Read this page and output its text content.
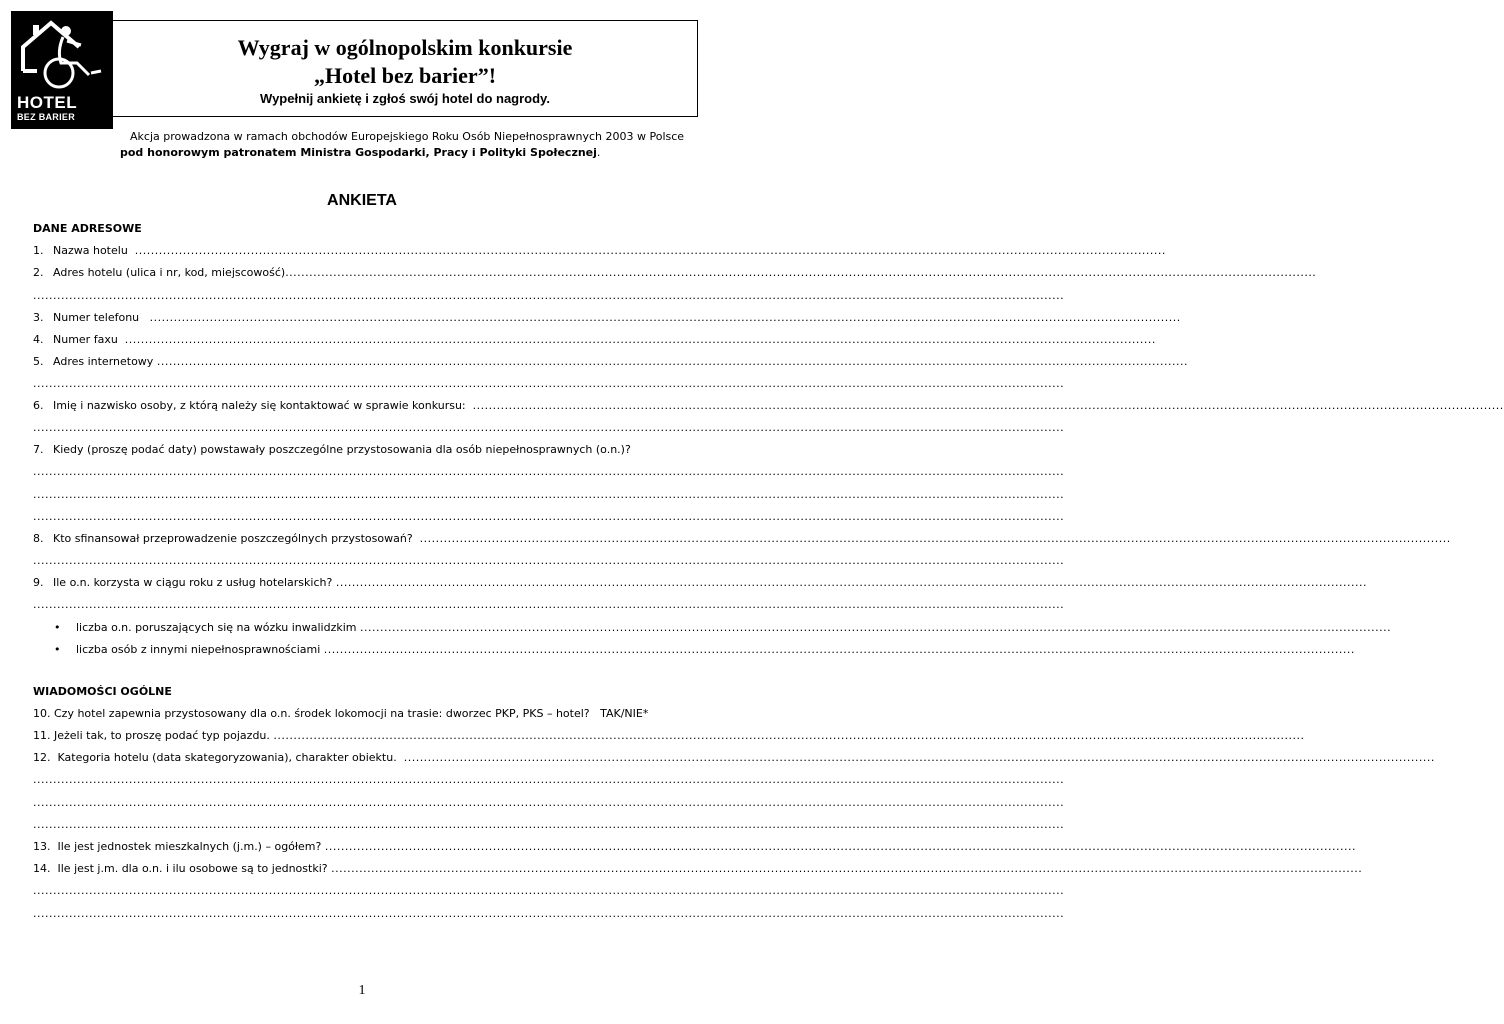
HOTEL
BEZ BARIER
Wygraj w ogólnopolskim konkursie
„Hotel bez barier”!
Wypełnij ankietę i zgłoś swój hotel do nagrody.
Akcja prowadzona w ramach obchodów Europejskiego Roku Osób Niepełnosprawnych 2003 w Polsce
pod honorowym patronatem Ministra Gospodarki, Pracy i Polityki Społecznej.
ANKIETA
DANE ADRESOWE
1. Nazwa hotelu ..................................................................................................................................................................................................................................................................
2. Adres hotelu (ulica i nr, kod, miejscowość)..................................................................................................................................................................................................................................................................
..................................................................................................................................................................................................................................................................
3. Numer telefonu ..................................................................................................................................................................................................................................................................
4. Numer faxu ..................................................................................................................................................................................................................................................................
5. Adres internetowy ..................................................................................................................................................................................................................................................................
..................................................................................................................................................................................................................................................................
6. Imię i nazwisko osoby, z którą należy się kontaktować w sprawie konkursu: ..................................................................................................................................................................................................................................................................
..................................................................................................................................................................................................................................................................
7. Kiedy (proszę podać daty) powstawały poszczególne przystosowania dla osób niepełnosprawnych (o.n.)?
..................................................................................................................................................................................................................................................................
..................................................................................................................................................................................................................................................................
..................................................................................................................................................................................................................................................................
8. Kto sfinansował przeprowadzenie poszczególnych przystosowań? ..................................................................................................................................................................................................................................................................
..................................................................................................................................................................................................................................................................
9. Ile o.n. korzysta w ciągu roku z usług hotelarskich? ..................................................................................................................................................................................................................................................................
..................................................................................................................................................................................................................................................................
• liczba o.n. poruszających się na wózku inwalidzkim ..................................................................................................................................................................................................................................................................
• liczba osób z innymi niepełnosprawnościami ..................................................................................................................................................................................................................................................................
WIADOMOŚCI OGÓLNE
10. Czy hotel zapewnia przystosowany dla o.n. środek lokomocji na trasie: dworzec PKP, PKS – hotel? TAK/NIE*
11. Jeżeli tak, to proszę podać typ pojazdu. ..................................................................................................................................................................................................................................................................
12. Kategoria hotelu (data skategoryzowania), charakter obiektu. ..................................................................................................................................................................................................................................................................
..................................................................................................................................................................................................................................................................
..................................................................................................................................................................................................................................................................
..................................................................................................................................................................................................................................................................
13. Ile jest jednostek mieszkalnych (j.m.) – ogółem? ..................................................................................................................................................................................................................................................................
14. Ile jest j.m. dla o.n. i ilu osobowe są to jednostki? ..................................................................................................................................................................................................................................................................
..................................................................................................................................................................................................................................................................
..................................................................................................................................................................................................................................................................
1
